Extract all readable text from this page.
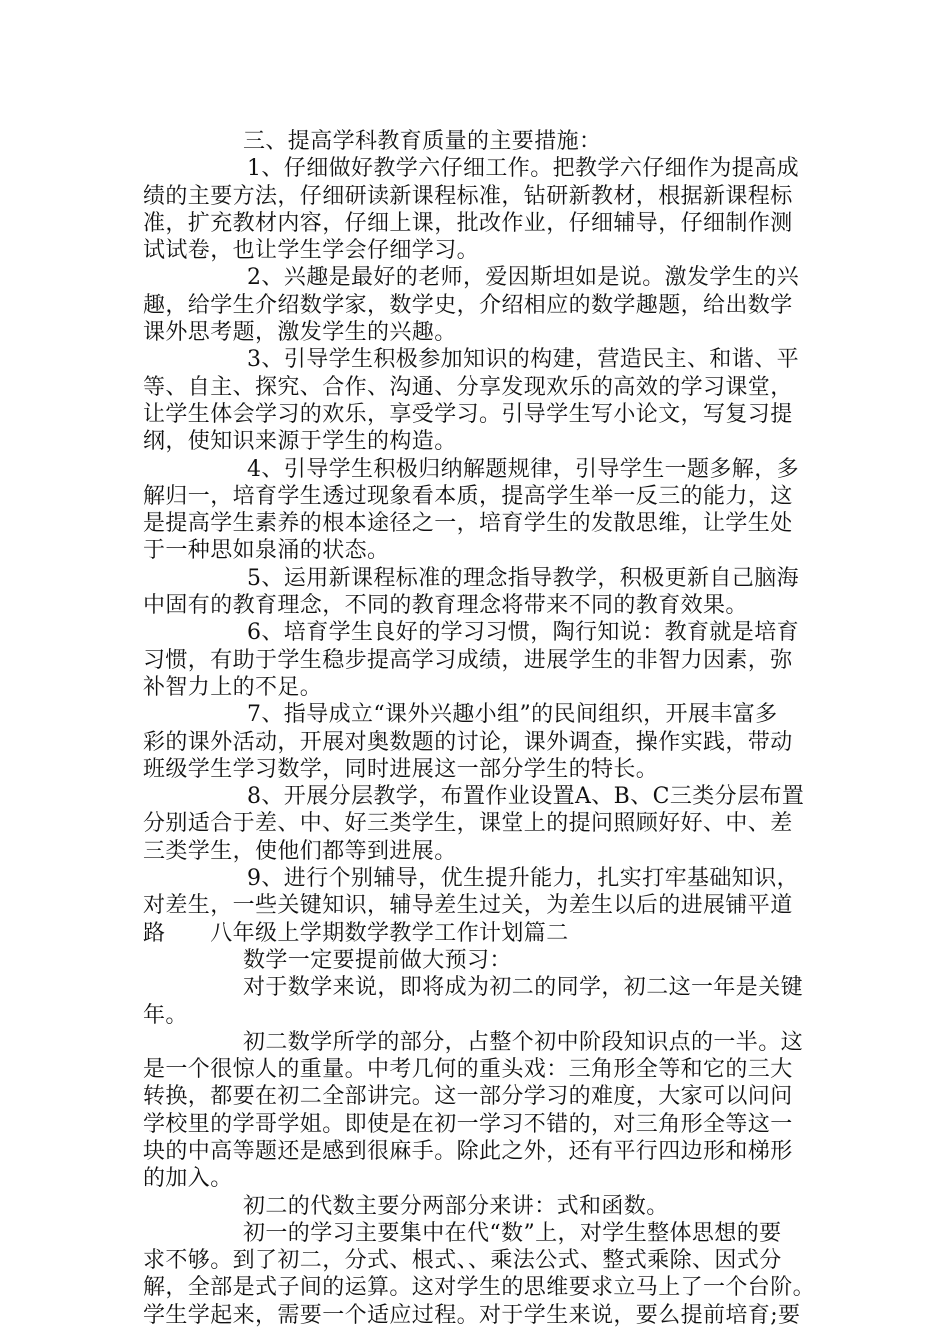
三、提高学科教育质量的主要措施：
1、仔细做好教学六仔细工作。把教学六仔细作为提高成
绩的主要方法，仔细研读新课程标准，钻研新教材，根据新课程标
准，扩充教材内容，仔细上课，批改作业，仔细辅导，仔细制作测
试试卷，也让学生学会仔细学习。
2、兴趣是最好的老师，爱因斯坦如是说。激发学生的兴
趣，给学生介绍数学家，数学史，介绍相应的数学趣题，给出数学
课外思考题，激发学生的兴趣。
3、引导学生积极参加知识的构建，营造民主、和谐、平
等、自主、探究、合作、沟通、分享发现欢乐的高效的学习课堂，
让学生体会学习的欢乐，享受学习。引导学生写小论文，写复习提
纲，使知识来源于学生的构造。
4、引导学生积极归纳解题规律，引导学生一题多解，多
解归一，培育学生透过现象看本质，提高学生举一反三的能力，这
是提高学生素养的根本途径之一，培育学生的发散思维，让学生处
于一种思如泉涌的状态。
5、运用新课程标准的理念指导教学，积极更新自己脑海
中固有的教育理念，不同的教育理念将带来不同的教育效果。
6、培育学生良好的学习习惯，陶行知说：教育就是培育
习惯，有助于学生稳步提高学习成绩，进展学生的非智力因素，弥
补智力上的不足。
7、指导成立“课外兴趣小组”的民间组织，开展丰富多
彩的课外活动，开展对奥数题的讨论，课外调查，操作实践，带动
班级学生学习数学，同时进展这一部分学生的特长。
8、开展分层教学，布置作业设置A、B、C三类分层布置
分别适合于差、中、好三类学生，课堂上的提问照顾好好、中、差
三类学生，使他们都等到进展。
9、进行个别辅导，优生提升能力，扎实打牢基础知识，
对差生，一些关键知识，辅导差生过关，为差生以后的进展铺平道
路　　八年级上学期数学教学工作计划篇二
数学一定要提前做大预习：
对于数学来说，即将成为初二的同学，初二这一年是关键
年。
初二数学所学的部分，占整个初中阶段知识点的一半。这
是一个很惊人的重量。中考几何的重头戏：三角形全等和它的三大
转换，都要在初二全部讲完。这一部分学习的难度，大家可以问问
学校里的学哥学姐。即使是在初一学习不错的，对三角形全等这一
块的中高等题还是感到很麻手。除此之外，还有平行四边形和梯形
的加入。
初二的代数主要分两部分来讲：式和函数。
初一的学习主要集中在代“数”上，对学生整体思想的要
求不够。到了初二，分式、根式、、乘法公式、整式乘除、因式分
解，全部是式子间的运算。这对学生的思维要求立马上了一个台阶。
学生学起来，需要一个适应过程。对于学生来说，要么提前培育;要
